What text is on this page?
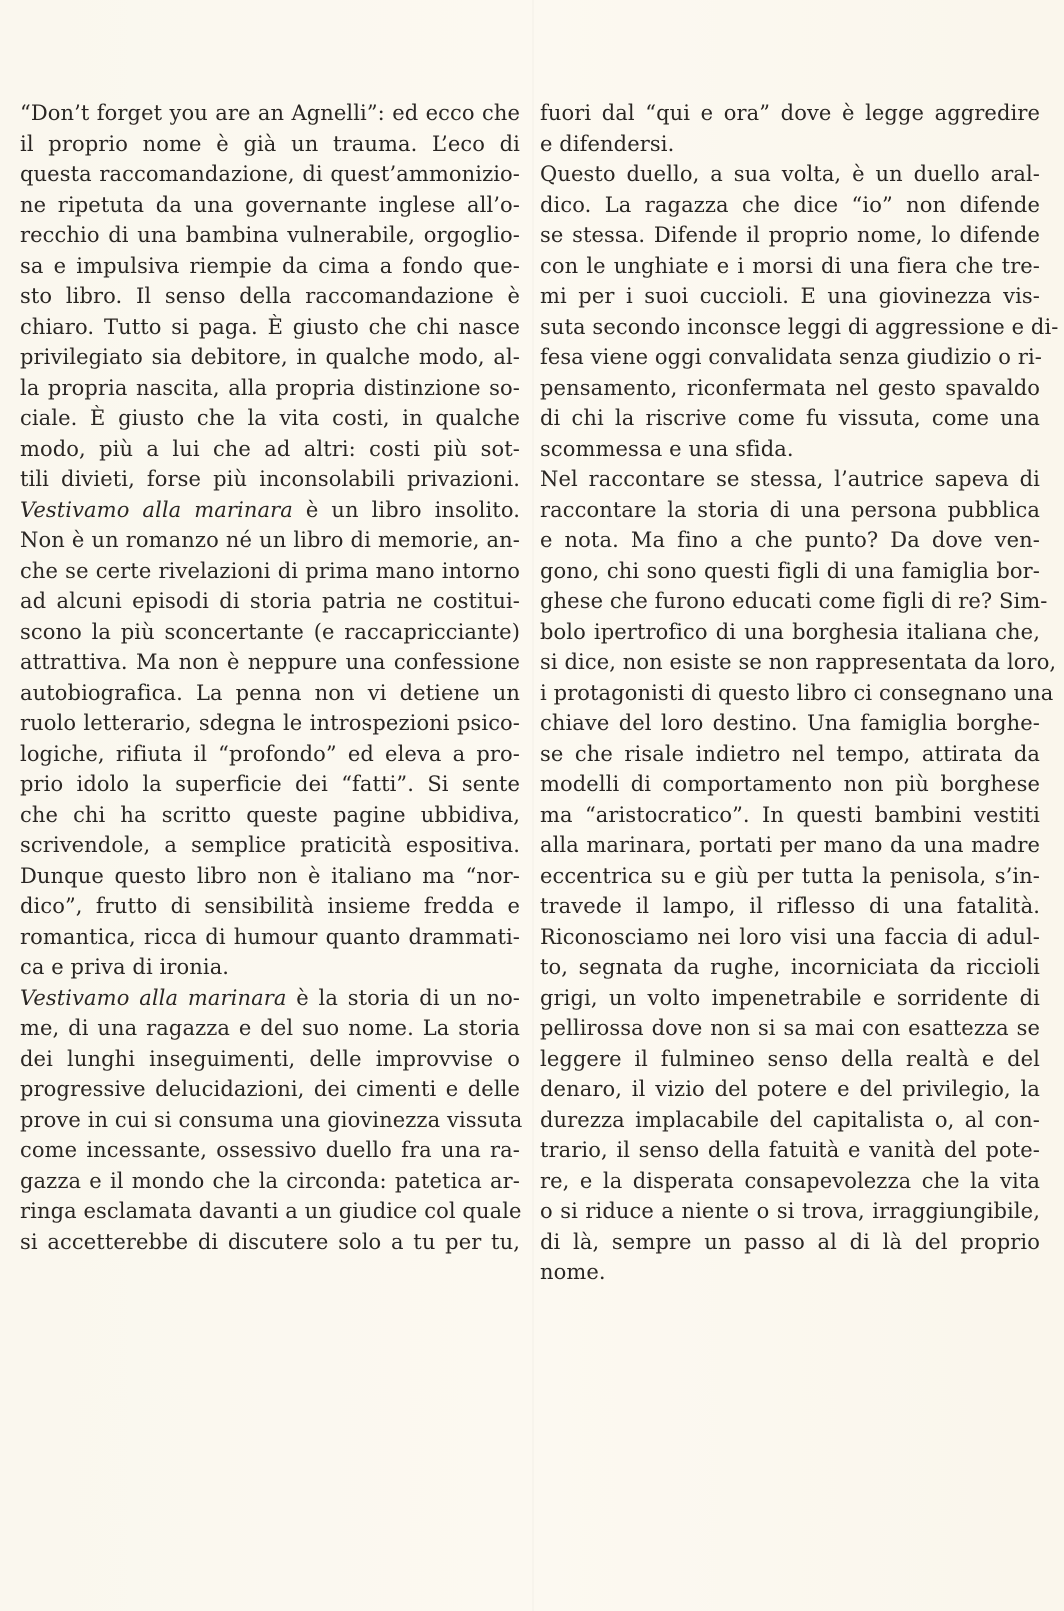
“Don’t forget you are an Agnelli”: ed ecco che
il proprio nome è già un trauma. L’eco di
questa raccomandazione, di quest’ammonizio-
ne ripetuta da una governante inglese all’o-
recchio di una bambina vulnerabile, orgoglio-
sa e impulsiva riempie da cima a fondo que-
sto libro. Il senso della raccomandazione è
chiaro. Tutto si paga. È giusto che chi nasce
privilegiato sia debitore, in qualche modo, al-
la propria nascita, alla propria distinzione so-
ciale. È giusto che la vita costi, in qualche
modo, più a lui che ad altri: costi più sot-
tili divieti, forse più inconsolabili privazioni.
Vestivamo alla marinara è un libro insolito.
Non è un romanzo né un libro di memorie, an-
che se certe rivelazioni di prima mano intorno
ad alcuni episodi di storia patria ne costitui-
scono la più sconcertante (e raccapricciante)
attrattiva. Ma non è neppure una confessione
autobiografica. La penna non vi detiene un
ruolo letterario, sdegna le introspezioni psico-
logiche, rifiuta il “profondo” ed eleva a pro-
prio idolo la superficie dei “fatti”. Si sente
che chi ha scritto queste pagine ubbidiva,
scrivendole, a semplice praticità espositiva.
Dunque questo libro non è italiano ma “nor-
dico”, frutto di sensibilità insieme fredda e
romantica, ricca di humour quanto drammati-
ca e priva di ironia.
Vestivamo alla marinara è la storia di un no-
me, di una ragazza e del suo nome. La storia
dei lunghi inseguimenti, delle improvvise o
progressive delucidazioni, dei cimenti e delle
prove in cui si consuma una giovinezza vissuta
come incessante, ossessivo duello fra una ra-
gazza e il mondo che la circonda: patetica ar-
ringa esclamata davanti a un giudice col quale
si accetterebbe di discutere solo a tu per tu,
fuori dal “qui e ora” dove è legge aggredire
e difendersi.
Questo duello, a sua volta, è un duello aral-
dico. La ragazza che dice “io” non difende
se stessa. Difende il proprio nome, lo difende
con le unghiate e i morsi di una fiera che tre-
mi per i suoi cuccioli. E una giovinezza vis-
suta secondo inconsce leggi di aggressione e di-
fesa viene oggi convalidata senza giudizio o ri-
pensamento, riconfermata nel gesto spavaldo
di chi la riscrive come fu vissuta, come una
scommessa e una sfida.
Nel raccontare se stessa, l’autrice sapeva di
raccontare la storia di una persona pubblica
e nota. Ma fino a che punto? Da dove ven-
gono, chi sono questi figli di una famiglia bor-
ghese che furono educati come figli di re? Sim-
bolo ipertrofico di una borghesia italiana che,
si dice, non esiste se non rappresentata da loro,
i protagonisti di questo libro ci consegnano una
chiave del loro destino. Una famiglia borghe-
se che risale indietro nel tempo, attirata da
modelli di comportamento non più borghese
ma “aristocratico”. In questi bambini vestiti
alla marinara, portati per mano da una madre
eccentrica su e giù per tutta la penisola, s’in-
travede il lampo, il riflesso di una fatalità.
Riconosciamo nei loro visi una faccia di adul-
to, segnata da rughe, incorniciata da riccioli
grigi, un volto impenetrabile e sorridente di
pellirossa dove non si sa mai con esattezza se
leggere il fulmineo senso della realtà e del
denaro, il vizio del potere e del privilegio, la
durezza implacabile del capitalista o, al con-
trario, il senso della fatuità e vanità del pote-
re, e la disperata consapevolezza che la vita
o si riduce a niente o si trova, irraggiungibile,
di là, sempre un passo al di là del proprio
nome.
